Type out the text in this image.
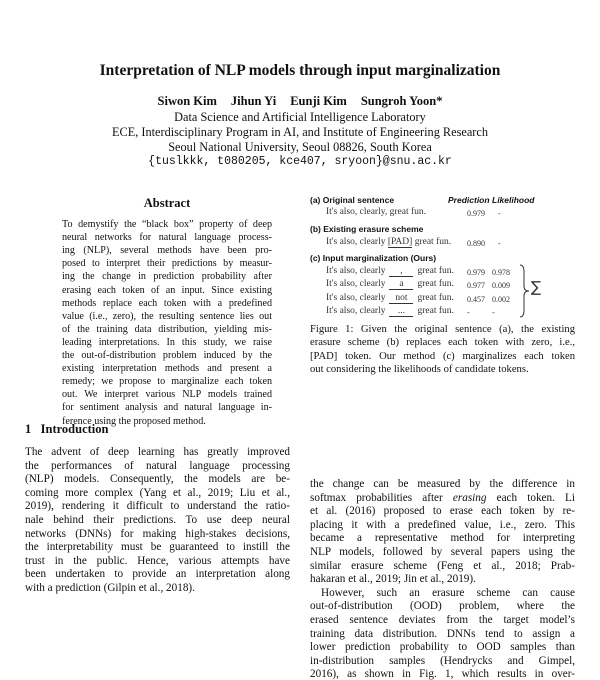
Interpretation of NLP models through input marginalization
Siwon Kim Jihun Yi Eunji Kim Sungroh Yoon*
Data Science and Artificial Intelligence Laboratory
ECE, Interdisciplinary Program in AI, and Institute of Engineering Research
Seoul National University, Seoul 08826, South Korea
{tuslkkk, t080205, kce407, sryoon}@snu.ac.kr
Abstract
To demystify the “black box” property of deep
neural networks for natural language process-
ing (NLP), several methods have been pro-
posed to interpret their predictions by measur-
ing the change in prediction probability after
erasing each token of an input. Since existing
methods replace each token with a predefined
value (i.e., zero), the resulting sentence lies out
of the training data distribution, yielding mis-
leading interpretations. In this study, we raise
the out-of-distribution problem induced by the
existing interpretation methods and present a
remedy; we propose to marginalize each token
out. We interpret various NLP models trained
for sentiment analysis and natural language in-
ference using the proposed method.
1   Introduction
The advent of deep learning has greatly improved
the performances of natural language processing
(NLP) models. Consequently, the models are be-
coming more complex (Yang et al., 2019; Liu et al.,
2019), rendering it difficult to understand the ratio-
nale behind their predictions. To use deep neural
networks (DNNs) for making high-stakes decisions,
the interpretability must be guaranteed to instill the
trust in the public. Hence, various attempts have
been undertaken to provide an interpretation along
with a prediction (Gilpin et al., 2018).
(a) Original sentence	Prediction Likelihood
It's also, clearly, great fun.	0.979 -
(b) Existing erasure scheme
It's also, clearly [PAD] great fun. 0.890 -
(c) Input marginalization (Ours)
It's also, clearly , great fun. 0.979 0.978
It's also, clearly a great fun. 0.977 0.009
It's also, clearly not great fun. 0.457 0.002
It's also, clearly ... great fun. -	-
∑
Figure 1: Given the original sentence (a), the existing
erasure scheme (b) replaces each token with zero, i.e.,
[PAD] token. Our method (c) marginalizes each token
out considering the likelihoods of candidate tokens.
the change can be measured by the difference in
softmax probabilities after erasing each token. Li
et al. (2016) proposed to erase each token by re-
placing it with a predefined value, i.e., zero. This
became a representative method for interpreting
NLP models, followed by several papers using the
similar erasure scheme (Feng et al., 2018; Prab-
hakaran et al., 2019; Jin et al., 2019).
However, such an erasure scheme can cause
out-of-distribution (OOD) problem, where the
erased sentence deviates from the target model’s
training data distribution. DNNs tend to assign a
lower prediction probability to OOD samples than
in-distribution samples (Hendrycks and Gimpel,
2016), as shown in Fig. 1, which results in over-
